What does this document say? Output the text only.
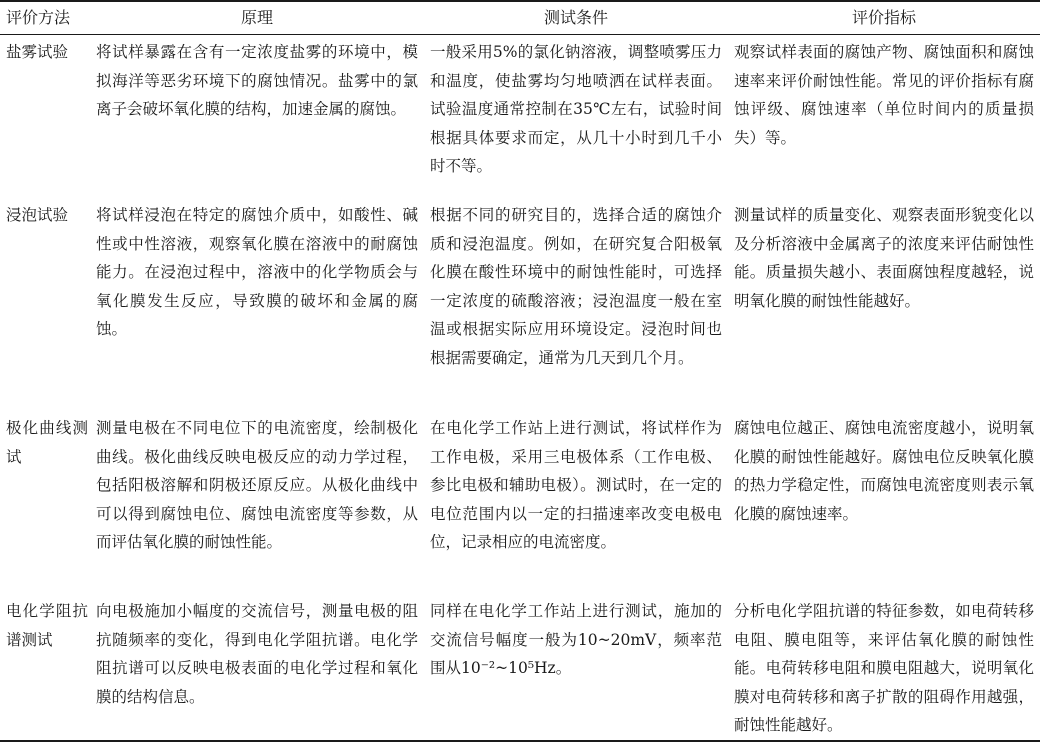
评价方法	原理	测试条件	评价指标
盐雾试验	将试样暴露在含有一定浓度盐雾的环境中，模拟海洋等恶劣环境下的腐蚀情况。盐雾中的氯离子会破坏氧化膜的结构，加速金属的腐蚀。	一般采用5%的氯化钠溶液，调整喷雾压力和温度，使盐雾均匀地喷洒在试样表面。试验温度通常控制在35℃左右，试验时间根据具体要求而定，从几十小时到几千小时不等。	观察试样表面的腐蚀产物、腐蚀面积和腐蚀速率来评价耐蚀性能。常见的评价指标有腐蚀评级、腐蚀速率（单位时间内的质量损失）等。
浸泡试验	将试样浸泡在特定的腐蚀介质中，如酸性、碱性或中性溶液，观察氧化膜在溶液中的耐腐蚀能力。在浸泡过程中，溶液中的化学物质会与氧化膜发生反应，导致膜的破坏和金属的腐蚀。	根据不同的研究目的，选择合适的腐蚀介质和浸泡温度。例如，在研究复合阳极氧化膜在酸性环境中的耐蚀性能时，可选择一定浓度的硫酸溶液；浸泡温度一般在室温或根据实际应用环境设定。浸泡时间也根据需要确定，通常为几天到几个月。	测量试样的质量变化、观察表面形貌变化以及分析溶液中金属离子的浓度来评估耐蚀性能。质量损失越小、表面腐蚀程度越轻，说明氧化膜的耐蚀性能越好。
极化曲线测试	测量电极在不同电位下的电流密度，绘制极化曲线。极化曲线反映电极反应的动力学过程，包括阳极溶解和阴极还原反应。从极化曲线中可以得到腐蚀电位、腐蚀电流密度等参数，从而评估氧化膜的耐蚀性能。	在电化学工作站上进行测试，将试样作为工作电极，采用三电极体系（工作电极、参比电极和辅助电极）。测试时，在一定的电位范围内以一定的扫描速率改变电极电位，记录相应的电流密度。	腐蚀电位越正、腐蚀电流密度越小，说明氧化膜的耐蚀性能越好。腐蚀电位反映氧化膜的热力学稳定性，而腐蚀电流密度则表示氧化膜的腐蚀速率。
电化学阻抗谱测试	向电极施加小幅度的交流信号，测量电极的阻抗随频率的变化，得到电化学阻抗谱。电化学阻抗谱可以反映电极表面的电化学过程和氧化膜的结构信息。	同样在电化学工作站上进行测试，施加的交流信号幅度一般为10~20mV，频率范围从10⁻²~10⁵Hz。	分析电化学阻抗谱的特征参数，如电荷转移电阻、膜电阻等，来评估氧化膜的耐蚀性能。电荷转移电阻和膜电阻越大，说明氧化膜对电荷转移和离子扩散的阻碍作用越强，耐蚀性能越好。
